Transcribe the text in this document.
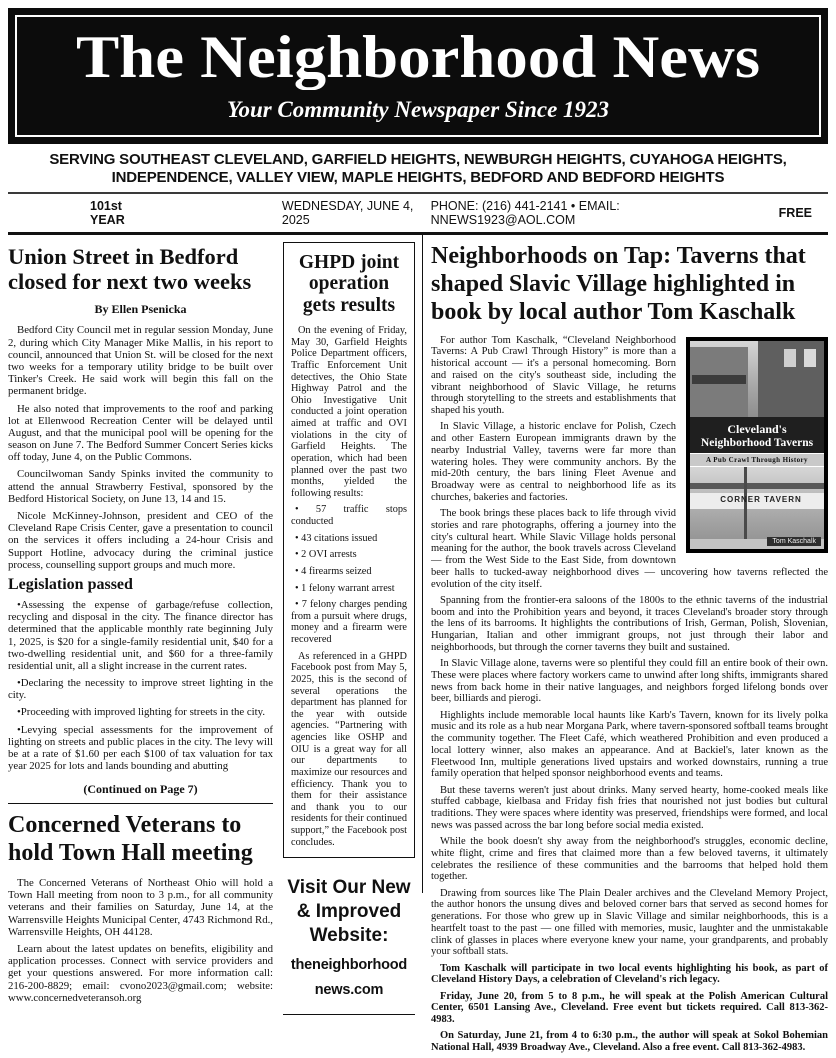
The Neighborhood News
Your Community Newspaper Since 1923
SERVING SOUTHEAST CLEVELAND, GARFIELD HEIGHTS, NEWBURGH HEIGHTS, CUYAHOGA HEIGHTS,
INDEPENDENCE, VALLEY VIEW, MAPLE HEIGHTS, BEDFORD AND BEDFORD HEIGHTS
101st YEAR
WEDNESDAY, JUNE 4, 2025
PHONE: (216) 441-2141 • EMAIL: NNEWS1923@AOL.COM	FREE
Union Street in Bedford closed for next two weeks
By Ellen Psenicka

Bedford City Council met in regular session Monday, June 2, during which City Manager Mike Mallis, in his report to council, announced that Union St. will be closed for the next two weeks for a temporary utility bridge to be built over Tinker's Creek. He said work will begin this fall on the permanent bridge.

He also noted that improvements to the roof and parking lot at Ellenwood Recreation Center will be delayed until August, and that the municipal pool will be opening for the season on June 7. The Bedford Summer Concert Series kicks off today, June 4, on the Public Commons.

Councilwoman Sandy Spinks invited the community to attend the annual Strawberry Festival, sponsored by the Bedford Historical Society, on June 13, 14 and 15.

Nicole McKinney-Johnson, president and CEO of the Cleveland Rape Crisis Center, gave a presentation to council on the services it offers including a 24-hour Crisis and Support Hotline, advocacy during the criminal justice process, counselling support groups and much more.

Legislation passed

•Assessing the expense of garbage/refuse collection, recycling and disposal in the city. The finance director has determined that the applicable monthly rate beginning July 1, 2025, is $20 for a single-family residential unit, $40 for a two-dwelling residential unit, and $60 for a three-family residential unit, all a slight increase in the current rates.

•Declaring the necessity to improve street lighting in the city.

•Proceeding with improved lighting for streets in the city.

•Levying special assessments for the improvement of lighting on streets and public places in the city. The levy will be at a rate of $1.60 per each $100 of tax valuation for tax year 2025 for lots and lands bounding and abutting

(Continued on Page 7)
Concerned Veterans to hold Town Hall meeting

The Concerned Veterans of Northeast Ohio will hold a Town Hall meeting from noon to 3 p.m., for all community veterans and their families on Saturday, June 14, at the Warrensville Heights Municipal Center, 4743 Richmond Rd., Warrensville Heights, OH 44128.

Learn about the latest updates on benefits, eligibility and application processes. Connect with service providers and get your questions answered. For more information call: 216-200-8829; email: cvono2023@gmail.com; website: www.concernedveteransoh.org

GHPD joint operation gets results

On the evening of Friday, May 30, Garfield Heights Police Department officers, Traffic Enforcement Unit detectives, the Ohio State Highway Patrol and the Ohio Investigative Unit conducted a joint operation aimed at traffic and OVI violations in the city of Garfield Heights. The operation, which had been planned over the past two months, yielded the following results:

• 57 traffic stops conducted

• 43 citations issued

• 2 OVI arrests

• 4 firearms seized

• 1 felony warrant arrest

• 7 felony charges pending from a pursuit where drugs, money and a firearm were recovered

As referenced in a GHPD Facebook post from May 5, 2025, this is the second of several operations the department has planned for the year with outside agencies. “Partnering with agencies like OSHP and OIU is a great way for all our departments to maximize our resources and efficiency. Thank you to them for their assistance and thank you to our residents for their continued support,” the Facebook post concludes.

Visit Our New & Improved Website:
theneighborhood
news.com
Neighborhoods on Tap: Taverns that shaped Slavic Village highlighted in book by local author Tom Kaschalk
Cleveland's
Neighborhood Taverns
A Pub Crawl Through History
CORNER TAVERN
Tom Kaschalk

For author Tom Kaschalk, “Cleveland Neighborhood Taverns: A Pub Crawl Through History” is more than a historical account — it's a personal homecoming. Born and raised on the city's southeast side, including the vibrant neighborhood of Slavic Village, he returns through storytelling to the streets and establishments that shaped his youth.

In Slavic Village, a historic enclave for Polish, Czech and other Eastern European immigrants drawn by the nearby Industrial Valley, taverns were far more than watering holes. They were community anchors. By the mid-20th century, the bars lining Fleet Avenue and Broadway were as central to neighborhood life as its churches, bakeries and factories.

The book brings these places back to life through vivid stories and rare photographs, offering a journey into the city's cultural heart. While Slavic Village holds personal meaning for the author, the book travels across Cleveland — from the West Side to the East Side, from downtown beer halls to tucked-away neighborhood dives — uncovering how taverns reflected the evolution of the city itself.

Spanning from the frontier-era saloons of the 1800s to the ethnic taverns of the industrial boom and into the Prohibition years and beyond, it traces Cleveland's broader story through the lens of its barrooms. It highlights the contributions of Irish, German, Polish, Slovenian, Hungarian, Italian and other immigrant groups, not just through their labor and neighborhoods, but through the corner taverns they built and sustained.

In Slavic Village alone, taverns were so plentiful they could fill an entire book of their own. These were places where factory workers came to unwind after long shifts, immigrants shared news from back home in their native languages, and neighbors forged lifelong bonds over beer, billiards and pierogi.

Highlights include memorable local haunts like Karb's Tavern, known for its lively polka music and its role as a hub near Morgana Park, where tavern-sponsored softball teams brought the community together. The Fleet Café, which weathered Prohibition and even produced a local lottery winner, also makes an appearance. And at Backiel's, later known as the Fleetwood Inn, multiple generations lived upstairs and worked downstairs, running a true family operation that helped sponsor neighborhood events and teams.

But these taverns weren't just about drinks. Many served hearty, home-cooked meals like stuffed cabbage, kielbasa and Friday fish fries that nourished not just bodies but cultural traditions. They were spaces where identity was preserved, friendships were formed, and local news was passed across the bar long before social media existed.

While the book doesn't shy away from the neighborhood's struggles, economic decline, white flight, crime and fires that claimed more than a few beloved taverns, it ultimately celebrates the resilience of these communities and the barrooms that helped hold them together.

Drawing from sources like The Plain Dealer archives and the Cleveland Memory Project, the author honors the unsung dives and beloved corner bars that served as second homes for generations. For those who grew up in Slavic Village and similar neighborhoods, this is a heartfelt toast to the past — one filled with memories, music, laughter and the unmistakable clink of glasses in places where everyone knew your name, your grandparents, and probably your softball stats.

Tom Kaschalk will participate in two local events highlighting his book, as part of Cleveland History Days, a celebration of Cleveland's rich legacy.

Friday, June 20, from 5 to 8 p.m., he will speak at the Polish American Cultural Center, 6501 Lansing Ave., Cleveland. Free event but tickets required. Call 813-362-4983.

On Saturday, June 21, from 4 to 6:30 p.m., the author will speak at Sokol Bohemian National Hall, 4939 Broadway Ave., Cleveland. Also a free event. Call 813-362-4983.
